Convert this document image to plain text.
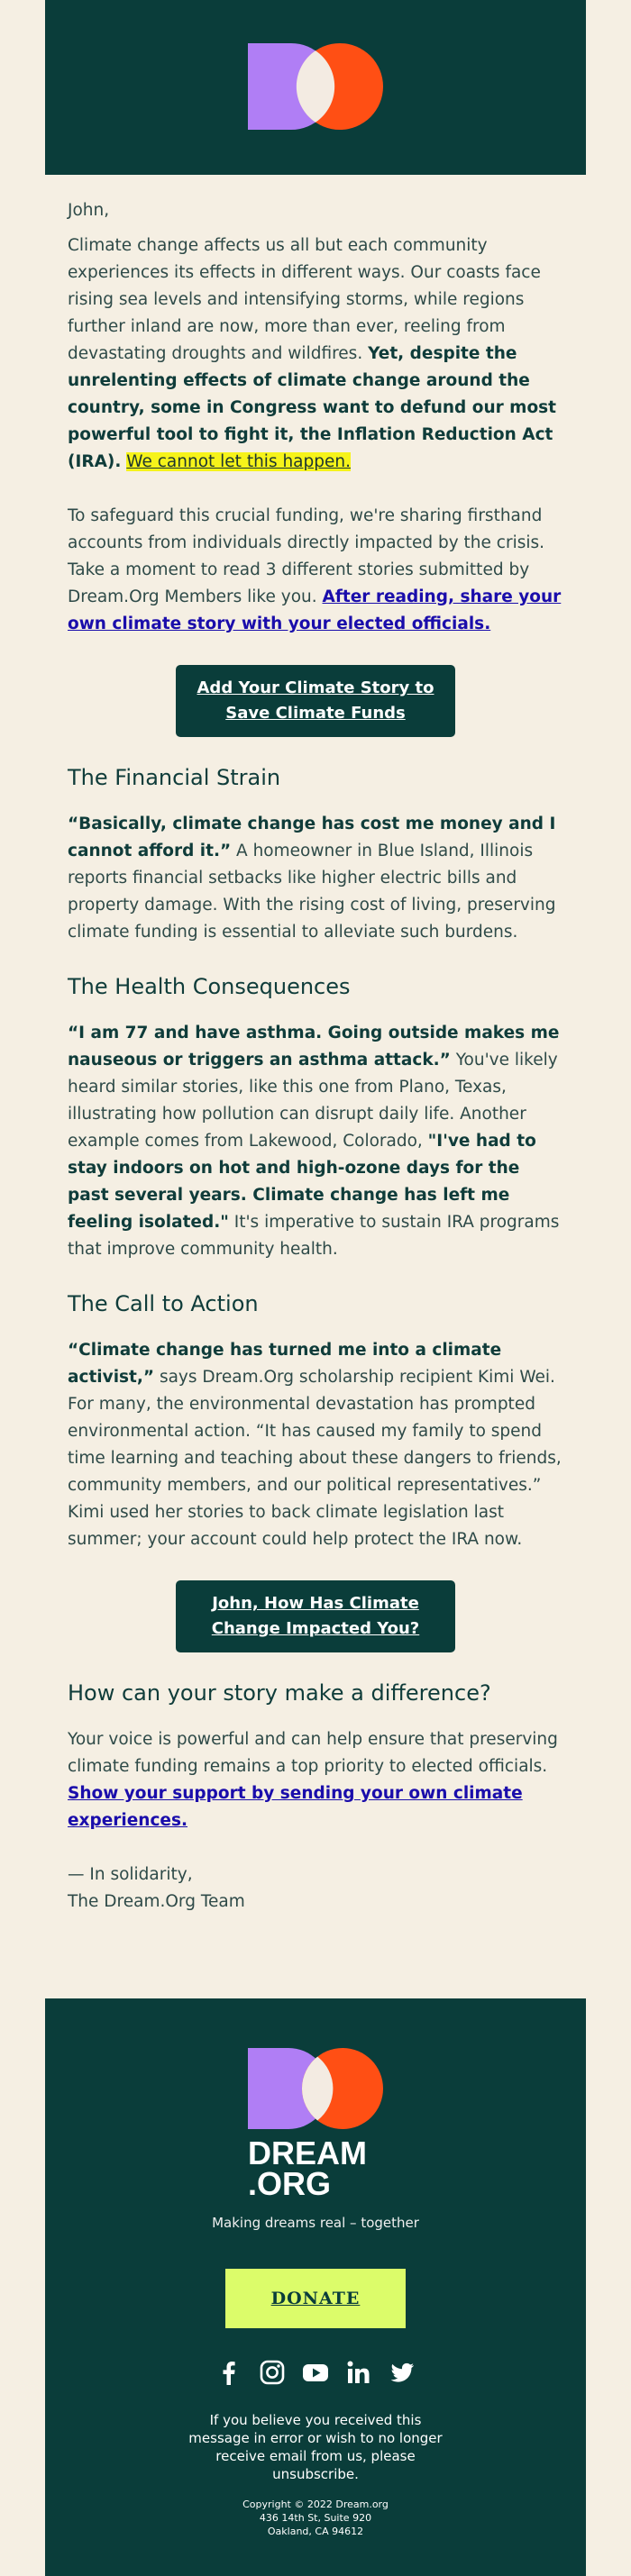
John,

Climate change affects us all but each community experiences its effects in different ways. Our coasts face rising sea levels and intensifying storms, while regions further inland are now, more than ever, reeling from devastating droughts and wildfires. Yet, despite the unrelenting effects of climate change around the country, some in Congress want to defund our most powerful tool to fight it, the Inflation Reduction Act (IRA). We cannot let this happen.

To safeguard this crucial funding, we're sharing firsthand accounts from individuals directly impacted by the crisis. Take a moment to read 3 different stories submitted by Dream.Org Members like you. After reading, share your own climate story with your elected officials.

Add Your Climate Story to Save Climate Funds
The Financial Strain

“Basically, climate change has cost me money and I cannot afford it.” A homeowner in Blue Island, Illinois reports financial setbacks like higher electric bills and property damage. With the rising cost of living, preserving climate funding is essential to alleviate such burdens.

The Health Consequences

“I am 77 and have asthma. Going outside makes me nauseous or triggers an asthma attack.” You've likely heard similar stories, like this one from Plano, Texas, illustrating how pollution can disrupt daily life. Another example comes from Lakewood, Colorado, "I've had to stay indoors on hot and high-ozone days for the past several years. Climate change has left me feeling isolated." It's imperative to sustain IRA programs that improve community health.

The Call to Action

“Climate change has turned me into a climate activist,” says Dream.Org scholarship recipient Kimi Wei. For many, the environmental devastation has prompted environmental action. “It has caused my family to spend time learning and teaching about these dangers to friends, community members, and our political representatives.” Kimi used her stories to back climate legislation last summer; your account could help protect the IRA now.

John, How Has Climate Change Impacted You?
How can your story make a difference?

Your voice is powerful and can help ensure that preserving climate funding remains a top priority to elected officials. Show your support by sending your own climate experiences.

— In solidarity,
The Dream.Org Team
DREAM
.ORG
Making dreams real – together
DONATE
If you believe you received this message in error or wish to no longer receive email from us, please unsubscribe.
Copyright © 2022 Dream.org
436 14th St, Suite 920
Oakland, CA 94612
